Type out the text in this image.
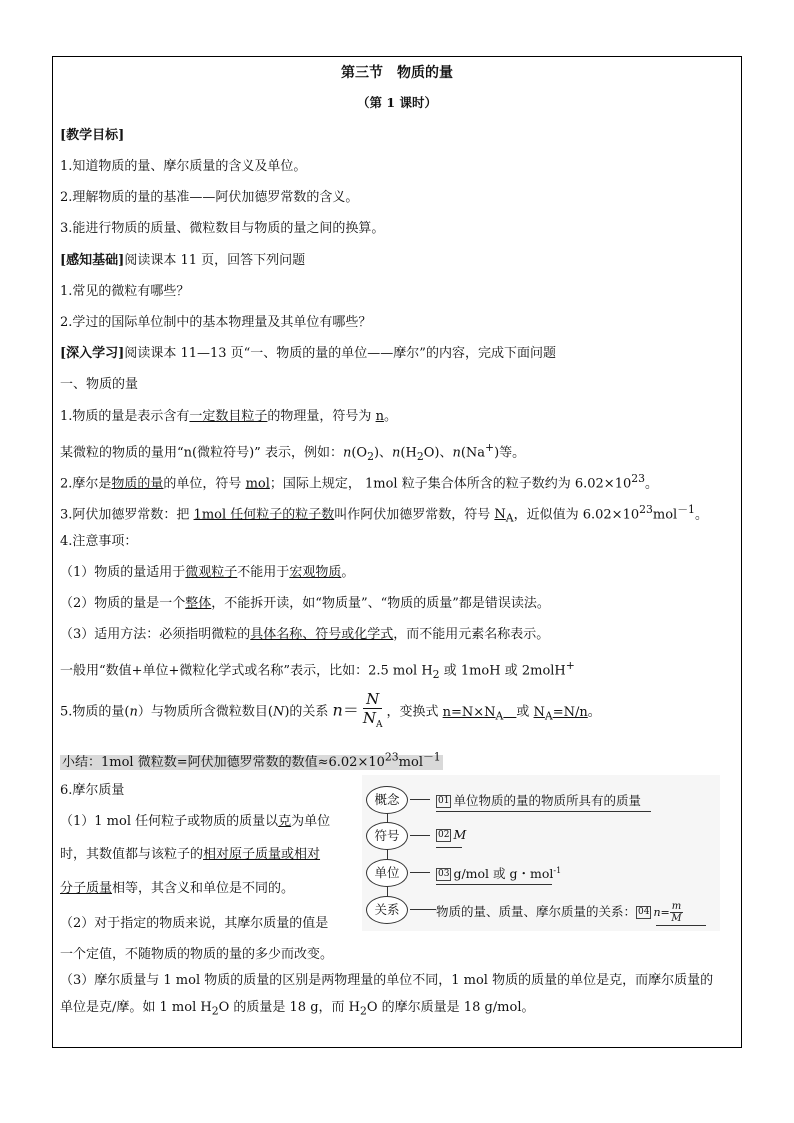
第三节　物质的量
（第 1 课时）
[教学目标]
1.知道物质的量、摩尔质量的含义及单位。
2.理解物质的量的基准——阿伏加德罗常数的含义。
3.能进行物质的质量、微粒数目与物质的量之间的换算。
[感知基础]阅读课本 11 页，回答下列问题
1.常见的微粒有哪些？
2.学过的国际单位制中的基本物理量及其单位有哪些？
[深入学习]阅读课本 11—13 页“一、物质的量的单位——摩尔”的内容，完成下面问题
一、物质的量
1.物质的量是表示含有一定数目粒子的物理量，符号为 n。
某微粒的物质的量用“n(微粒符号)” 表示，例如：$n(O_2)$、$n(H_2O)$、n(Na+)等。
2.摩尔是物质的量的单位，符号 mol；国际上规定， 1mol 粒子集合体所含的粒子数约为 $6.02\times 10^{23}$。
3.阿伏加德罗常数：把 1mol 任何粒子的粒子数叫作阿伏加德罗常数，符号 $N_A$，近似值为 $6.02\times 10^{23}mol^{-1}$。
4.注意事项：
（1）物质的量适用于微观粒子不能用于宏观物质。
（2）物质的量是一个整体，不能拆开读，如“物质量”、“物质的质量”都是错误读法。
（3）适用方法：必须指明微粒的具体名称、符号或化学式，而不能用元素名称表示。
一般用“数值+单位+微粒化学式或名称”表示，比如：2.5 mol $H_2$ 或 1moH 或 2molH+
5.物质的量(n）与物质所含微粒数目(N)的关系 $n= \frac{N}{N_A}$ ，变换式 $n=N\times N_A$　 或 $N_A=N/n$。
小结：1mol 微粒数=阿伏加德罗常数的数值$\approx 6.02\times 10^{23}mol^{-1}$
6.摩尔质量
（1）1 mol 任何粒子或物质的质量以克为单位
时，其数值都与该粒子的相对原子质量或相对
分子质量相等，其含义和单位是不同的。
（2）对于指定的物质来说，其摩尔质量的值是
一个定值，不随物质的物质的量的多少而改变。
（3）摩尔质量与 1 mol 物质的质量的区别是两物理量的单位不同，1 mol 物质的质量的单位是克，而摩尔质量的
单位是克/摩。如 1 mol $H_2O$ 的质量是 18 g，而 $H_2O$ 的摩尔质量是 18 g/mol。
概念	01 单位物质的量的物质所具有的质量
符号	02 M
单位	03 g/mol 或 g・mol$^{-1}$
关系	物质的量、质量、摩尔质量的关系： 04 $n= \frac{m}{M}$
